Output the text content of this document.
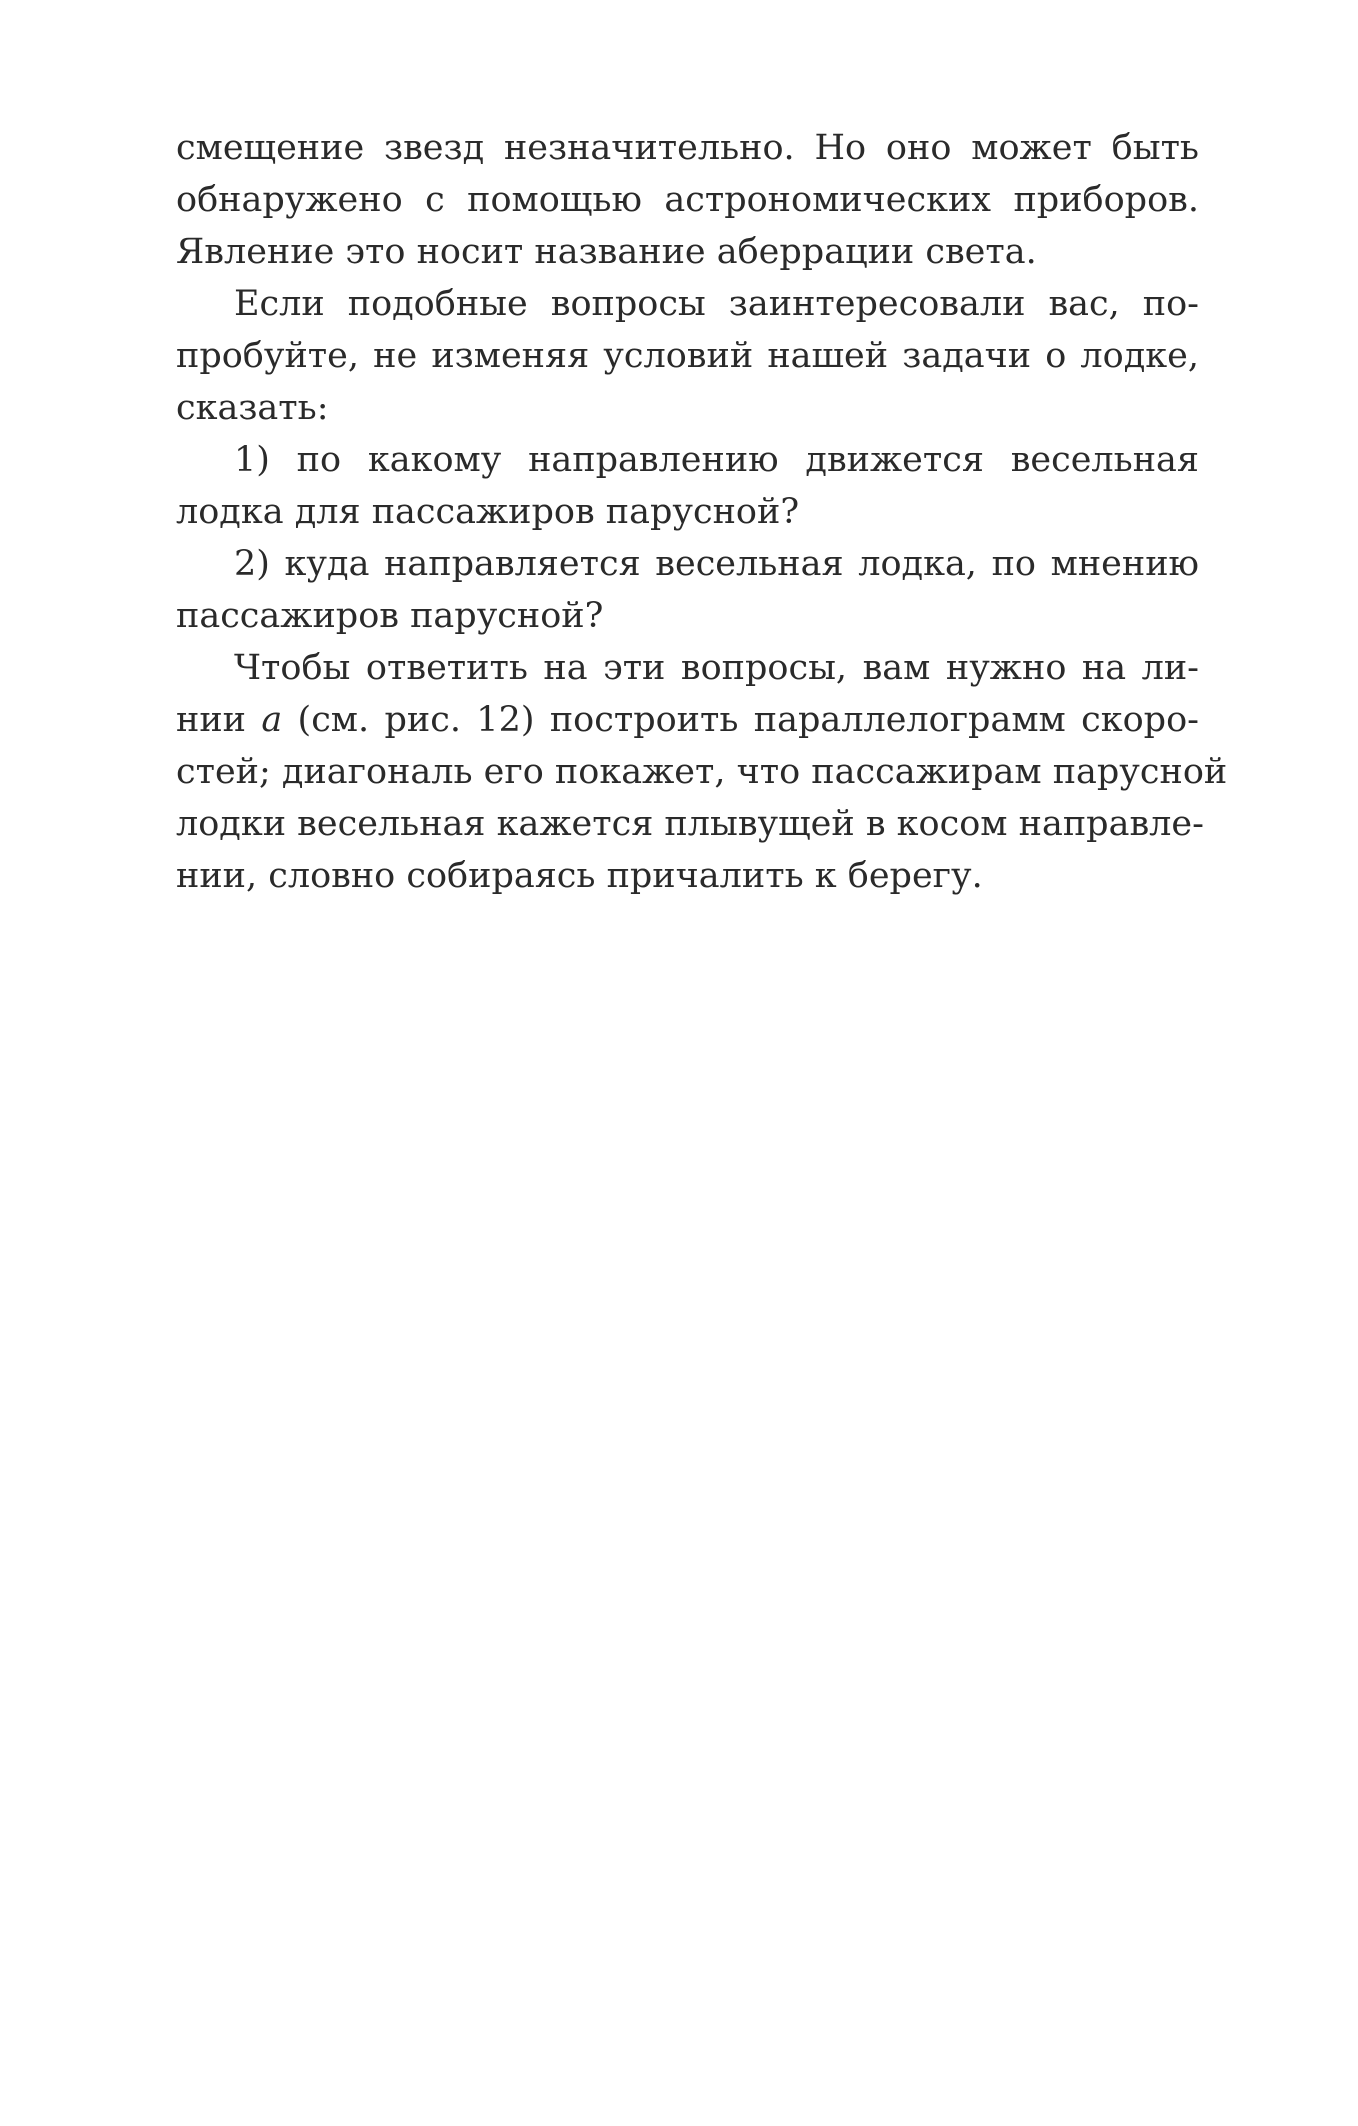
смещение звезд незначительно. Но оно может быть
обнаружено с помощью астрономических приборов.
Явление это носит название аберрации света.

Если подобные вопросы заинтересовали вас, по-
пробуйте, не изменяя условий нашей задачи о лодке,
сказать:

1) по какому направлению движется весельная
лодка для пассажиров парусной?

2) куда направляется весельная лодка, по мнению
пассажиров парусной?

Чтобы ответить на эти вопросы, вам нужно на ли-
нии a (см. рис. 12) построить параллелограмм скоро-
стей; диагональ его покажет, что пассажирам парусной
лодки весельная кажется плывущей в косом направле-
нии, словно собираясь причалить к берегу.
